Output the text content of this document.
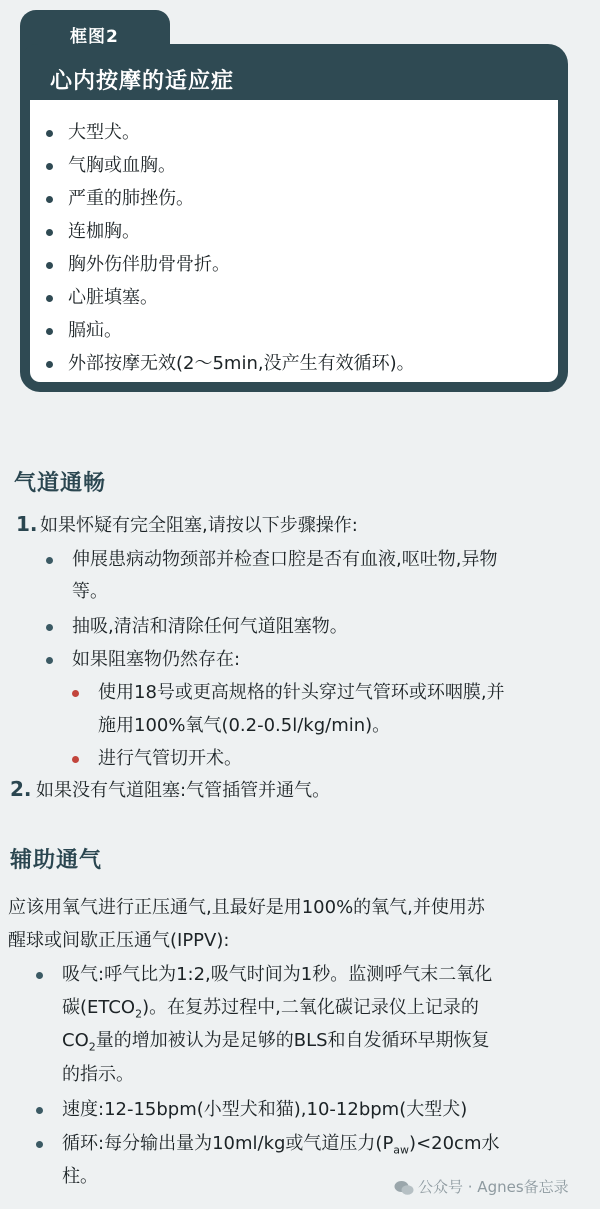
框图2
心内按摩的适应症
大型犬。
气胸或血胸。
严重的肺挫伤。
连枷胸。
胸外伤伴肋骨骨折。
心脏填塞。
膈疝。
外部按摩无效(2～5min,没产生有效循环)。
气道通畅
1. 如果怀疑有完全阻塞,请按以下步骤操作:
伸展患病动物颈部并检查口腔是否有血液,呕吐物,异物
等。
抽吸,清洁和清除任何气道阻塞物。
如果阻塞物仍然存在:
使用18号或更高规格的针头穿过气管环或环咽膜,并
施用100%氧气(0.2-0.5l/kg/min)。
进行气管切开术。
2. 如果没有气道阻塞:气管插管并通气。
辅助通气
应该用氧气进行正压通气,且最好是用100%的氧气,并使用苏
醒球或间歇正压通气(IPPV):
吸气:呼气比为1:2,吸气时间为1秒。监测呼气末二氧化
碳$(ETCO_2)$。在复苏过程中,二氧化碳记录仪上记录的
$CO_2$量的增加被认为是足够的BLS和自发循环早期恢复
的指示。
速度:12-15bpm(小型犬和猫),10-12bpm(大型犬)
循环:每分输出量为10ml/kg或气道压力$(P_{aw})<20cm$水
柱。	公众号 · Agnes备忘录
